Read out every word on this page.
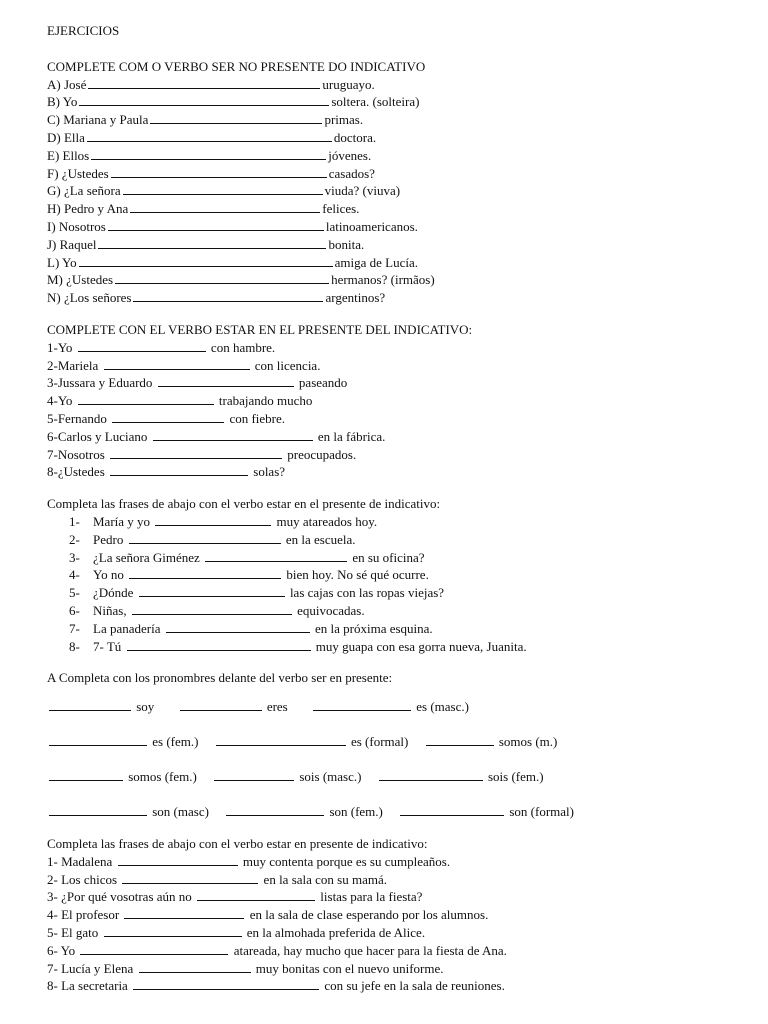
EJERCICIOS
COMPLETE COM O VERBO SER NO PRESENTE DO INDICATIVO
A) José	uruguayo.
B) Yo	soltera. (solteira)
C) Mariana y Paula	primas.
D) Ella	doctora.
E) Ellos	jóvenes.
F) ¿Ustedes	casados?
G) ¿La señora	viuda? (viuva)
H) Pedro y Ana	felices.
I) Nosotros	latinoamericanos.
J) Raquel	bonita.
L) Yo	amiga de Lucía.
M) ¿Ustedes	hermanos? (irmãos)
N) ¿Los señores	argentinos?
COMPLETE CON EL VERBO ESTAR EN EL PRESENTE DEL INDICATIVO:
1-Yo	con hambre.
2-Mariela	con licencia.
3-Jussara y Eduardo	paseando
4-Yo	trabajando mucho
5-Fernando	con fiebre.
6-Carlos y Luciano	en la fábrica.
7-Nosotros	preocupados.
8-¿Ustedes	solas?
Completa las frases de abajo con el verbo estar en el presente de indicativo:
1- María y yo	muy atareados hoy.
2- Pedro	en la escuela.
3- ¿La señora Giménez	en su oficina?
4- Yo no	bien hoy. No sé qué ocurre.
5- ¿Dónde	las cajas con las ropas viejas?
6- Niñas,	equivocadas.
7- La panadería	en la próxima esquina.
8- 7- Tú	muy guapa con esa gorra nueva, Juanita.
A Completa con los pronombres delante del verbo ser en presente:
soy	eres	es (masc.)
es (fem.)	es (formal)	somos (m.)
somos (fem.)	sois (masc.)	sois (fem.)
son (masc)	son (fem.)	son (formal)
Completa las frases de abajo con el verbo estar en presente de indicativo:
1- Madalena	muy contenta porque es su cumpleaños.
2- Los chicos	en la sala con su mamá.
3- ¿Por qué vosotras aún no	listas para la fiesta?
4- El profesor	en la sala de clase esperando por los alumnos.
5- El gato	en la almohada preferida de Alice.
6- Yo	atareada, hay mucho que hacer para la fiesta de Ana.
7- Lucía y Elena	muy bonitas con el nuevo uniforme.
8- La secretaria	con su jefe en la sala de reuniones.
